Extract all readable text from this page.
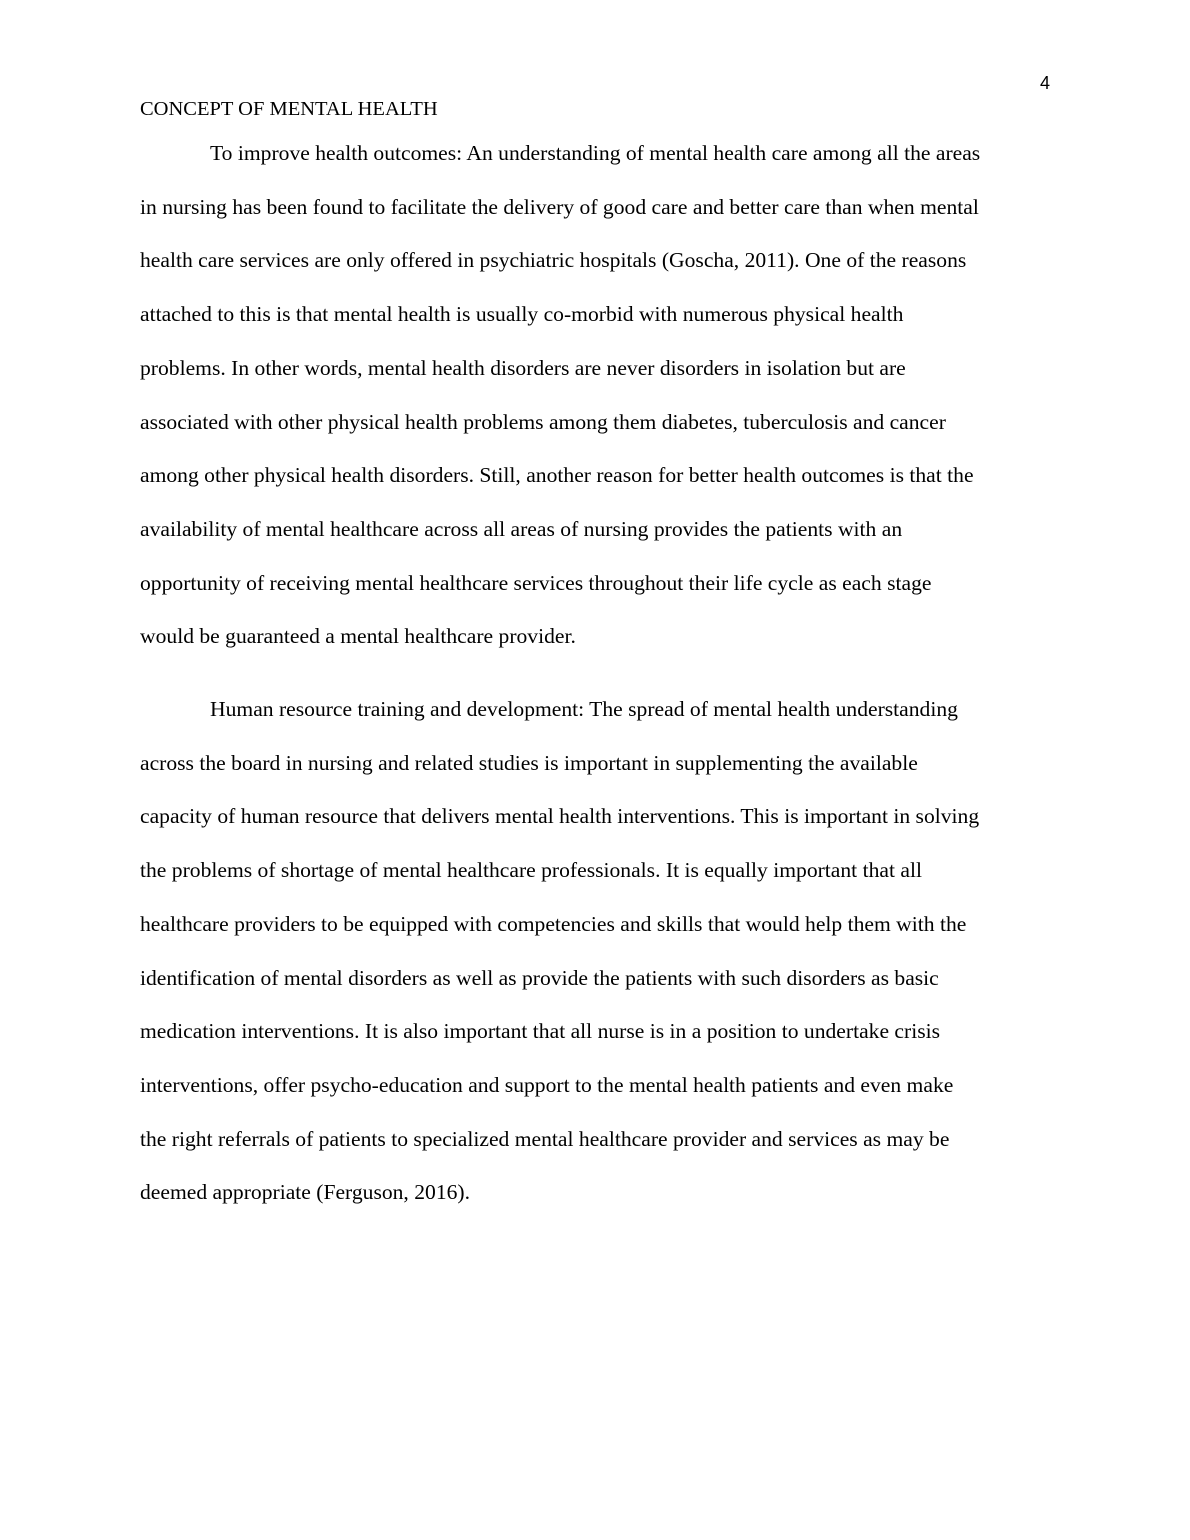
4
CONCEPT OF MENTAL HEALTH
To improve health outcomes: An understanding of mental health care among all the areas
in nursing has been found to facilitate the delivery of good care and better care than when mental
health care services are only offered in psychiatric hospitals (Goscha, 2011). One of the reasons
attached to this is that mental health is usually co-morbid with numerous physical health
problems. In other words, mental health disorders are never disorders in isolation but are
associated with other physical health problems among them diabetes, tuberculosis and cancer
among other physical health disorders. Still, another reason for better health outcomes is that the
availability of mental healthcare across all areas of nursing provides the patients with an
opportunity of receiving mental healthcare services throughout their life cycle as each stage
would be guaranteed a mental healthcare provider.
Human resource training and development: The spread of mental health understanding
across the board in nursing and related studies is important in supplementing the available
capacity of human resource that delivers mental health interventions. This is important in solving
the problems of shortage of mental healthcare professionals. It is equally important that all
healthcare providers to be equipped with competencies and skills that would help them with the
identification of mental disorders as well as provide the patients with such disorders as basic
medication interventions. It is also important that all nurse is in a position to undertake crisis
interventions, offer psycho-education and support to the mental health patients and even make
the right referrals of patients to specialized mental healthcare provider and services as may be
deemed appropriate (Ferguson, 2016).
